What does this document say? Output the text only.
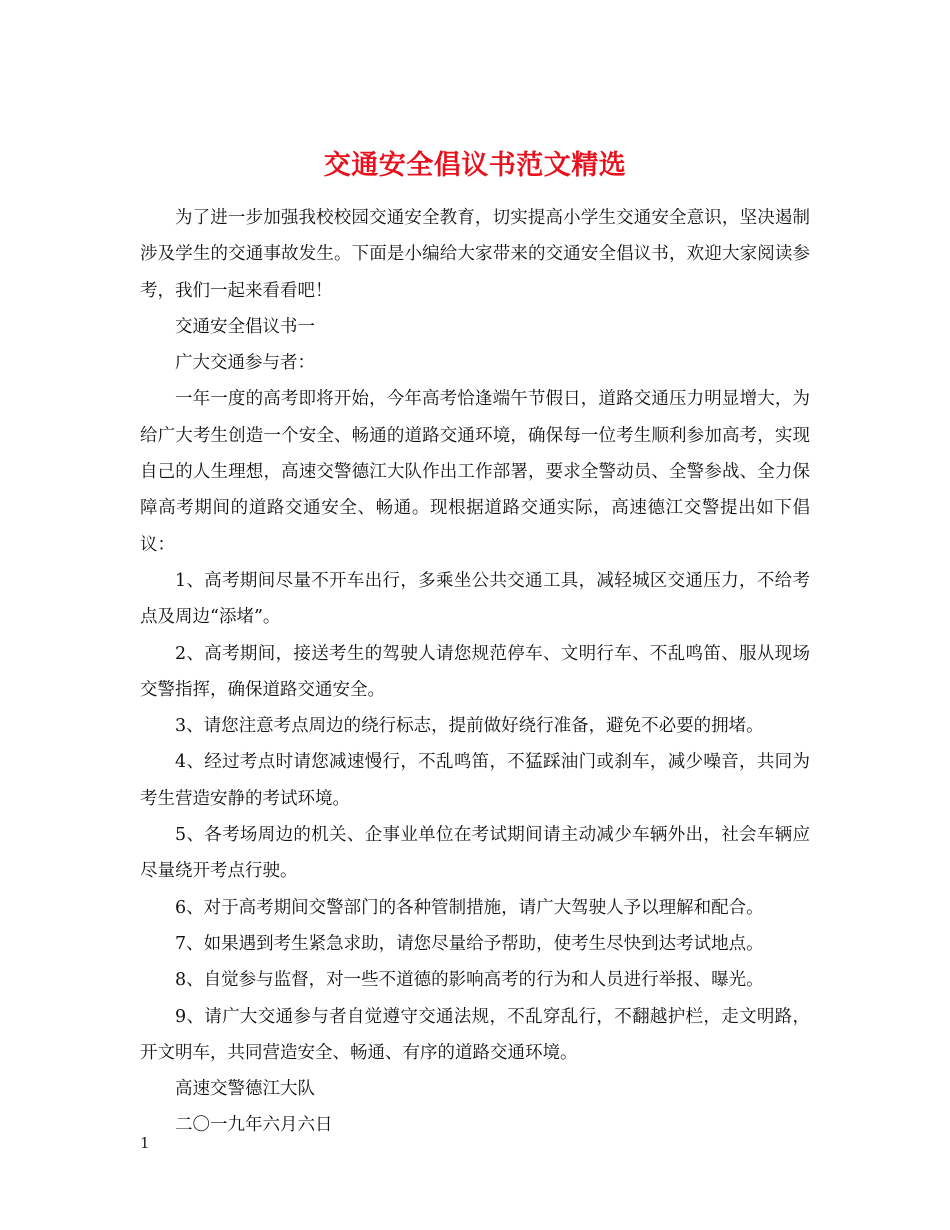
交通安全倡议书范文精选

为了进一步加强我校校园交通安全教育，切实提高小学生交通安全意识，坚决遏制涉及学生的交通事故发生。下面是小编给大家带来的交通安全倡议书，欢迎大家阅读参考，我们一起来看看吧！

交通安全倡议书一

广大交通参与者：

一年一度的高考即将开始，今年高考恰逢端午节假日，道路交通压力明显增大，为给广大考生创造一个安全、畅通的道路交通环境，确保每一位考生顺利参加高考，实现自己的人生理想，高速交警德江大队作出工作部署，要求全警动员、全警参战、全力保障高考期间的道路交通安全、畅通。现根据道路交通实际，高速德江交警提出如下倡议：

1、高考期间尽量不开车出行，多乘坐公共交通工具，减轻城区交通压力，不给考点及周边“添堵”。

2、高考期间，接送考生的驾驶人请您规范停车、文明行车、不乱鸣笛、服从现场交警指挥，确保道路交通安全。

3、请您注意考点周边的绕行标志，提前做好绕行准备，避免不必要的拥堵。

4、经过考点时请您减速慢行，不乱鸣笛，不猛踩油门或刹车，减少噪音，共同为考生营造安静的考试环境。

5、各考场周边的机关、企事业单位在考试期间请主动减少车辆外出，社会车辆应尽量绕开考点行驶。

6、对于高考期间交警部门的各种管制措施，请广大驾驶人予以理解和配合。

7、如果遇到考生紧急求助，请您尽量给予帮助，使考生尽快到达考试地点。

8、自觉参与监督，对一些不道德的影响高考的行为和人员进行举报、曝光。

9、请广大交通参与者自觉遵守交通法规，不乱穿乱行，不翻越护栏，走文明路，开文明车，共同营造安全、畅通、有序的道路交通环境。

高速交警德江大队

二〇一九年六月六日

1
